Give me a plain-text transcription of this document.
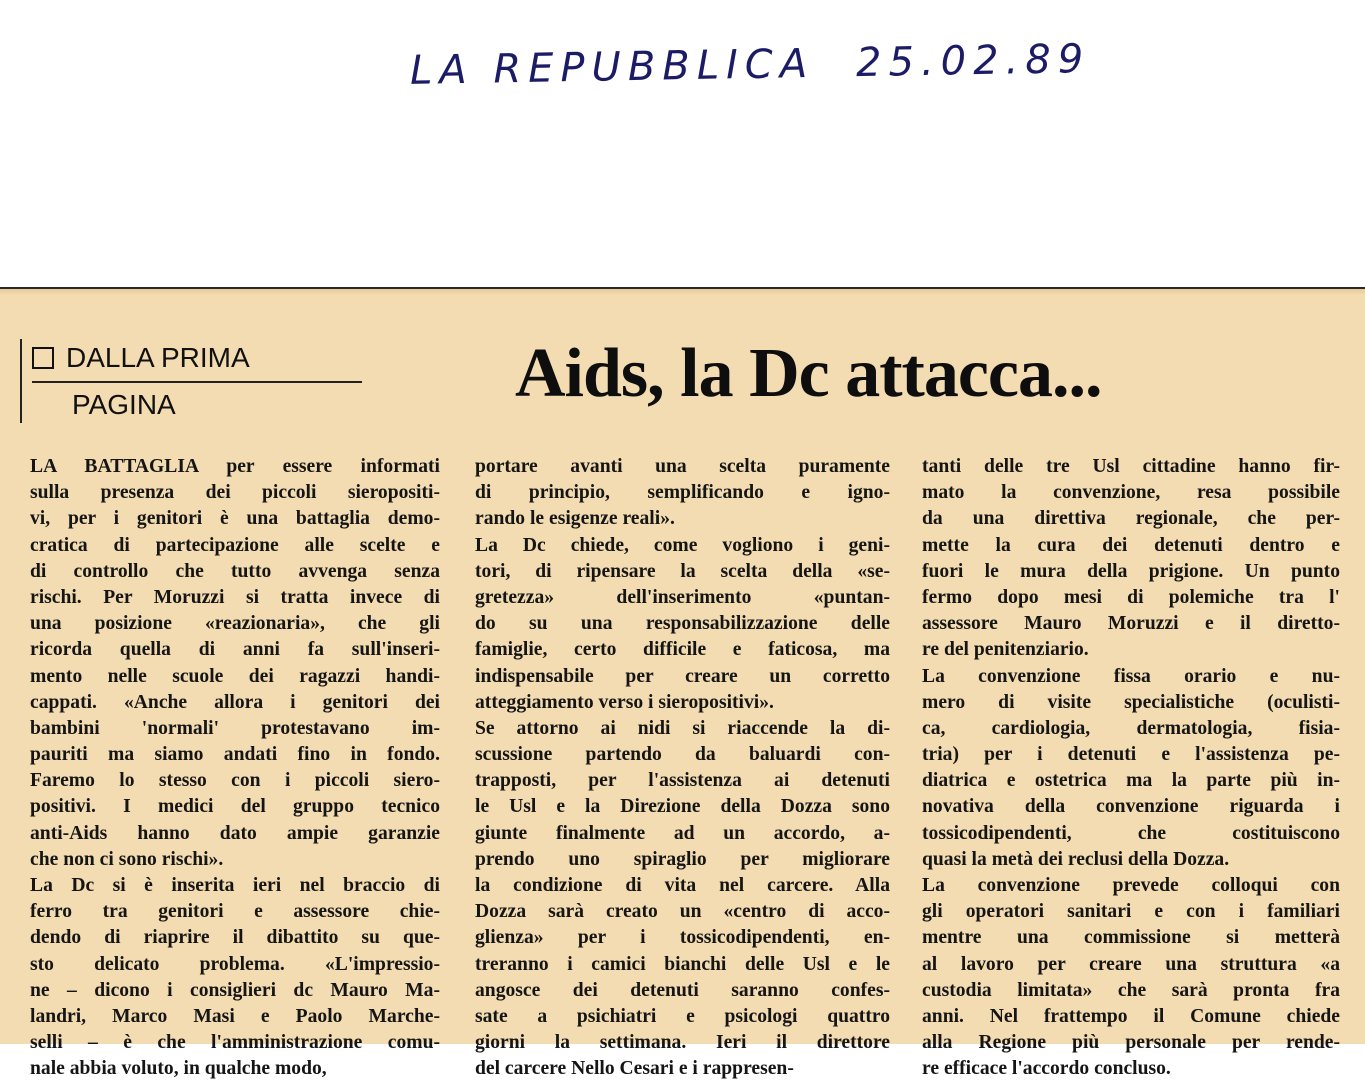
LA REPUBBLICA 25.02.89
DALLA PRIMA
PAGINA	Aids, la Dc attacca...
LA BATTAGLIA per essere informati
sulla presenza dei piccoli sieropositi-
vi, per i genitori è una battaglia demo-
cratica di partecipazione alle scelte e
di controllo che tutto avvenga senza
rischi. Per Moruzzi si tratta invece di
una posizione «reazionaria», che gli
ricorda quella di anni fa sull'inseri-
mento nelle scuole dei ragazzi handi-
cappati. «Anche allora i genitori dei
bambini 'normali' protestavano im-
pauriti ma siamo andati fino in fondo.
Faremo lo stesso con i piccoli siero-
positivi. I medici del gruppo tecnico
anti-Aids hanno dato ampie garanzie
che non ci sono rischi».
La Dc si è inserita ieri nel braccio di
ferro tra genitori e assessore chie-
dendo di riaprire il dibattito su que-
sto delicato problema. «L'impressio-
ne – dicono i consiglieri dc Mauro Ma-
landri, Marco Masi e Paolo Marche-
selli – è che l'amministrazione comu-
nale abbia voluto, in qualche modo,
portare avanti una scelta puramente
di principio, semplificando e igno-
rando le esigenze reali».
La Dc chiede, come vogliono i geni-
tori, di ripensare la scelta della «se-
gretezza» dell'inserimento «puntan-
do su una responsabilizzazione delle
famiglie, certo difficile e faticosa, ma
indispensabile per creare un corretto
atteggiamento verso i sieropositivi».
Se attorno ai nidi si riaccende la di-
scussione partendo da baluardi con-
trapposti, per l'assistenza ai detenuti
le Usl e la Direzione della Dozza sono
giunte finalmente ad un accordo, a-
prendo uno spiraglio per migliorare
la condizione di vita nel carcere. Alla
Dozza sarà creato un «centro di acco-
glienza» per i tossicodipendenti, en-
treranno i camici bianchi delle Usl e le
angosce dei detenuti saranno confes-
sate a psichiatri e psicologi quattro
giorni la settimana. Ieri il direttore
del carcere Nello Cesari e i rappresen-
tanti delle tre Usl cittadine hanno fir-
mato la convenzione, resa possibile
da una direttiva regionale, che per-
mette la cura dei detenuti dentro e
fuori le mura della prigione. Un punto
fermo dopo mesi di polemiche tra l'
assessore Mauro Moruzzi e il diretto-
re del penitenziario.
La convenzione fissa orario e nu-
mero di visite specialistiche (oculisti-
ca, cardiologia, dermatologia, fisia-
tria) per i detenuti e l'assistenza pe-
diatrica e ostetrica ma la parte più in-
novativa della convenzione riguarda i
tossicodipendenti, che costituiscono
quasi la metà dei reclusi della Dozza.
La convenzione prevede colloqui con
gli operatori sanitari e con i familiari
mentre una commissione si metterà
al lavoro per creare una struttura «a
custodia limitata» che sarà pronta fra
anni. Nel frattempo il Comune chiede
alla Regione più personale per rende-
re efficace l'accordo concluso.
